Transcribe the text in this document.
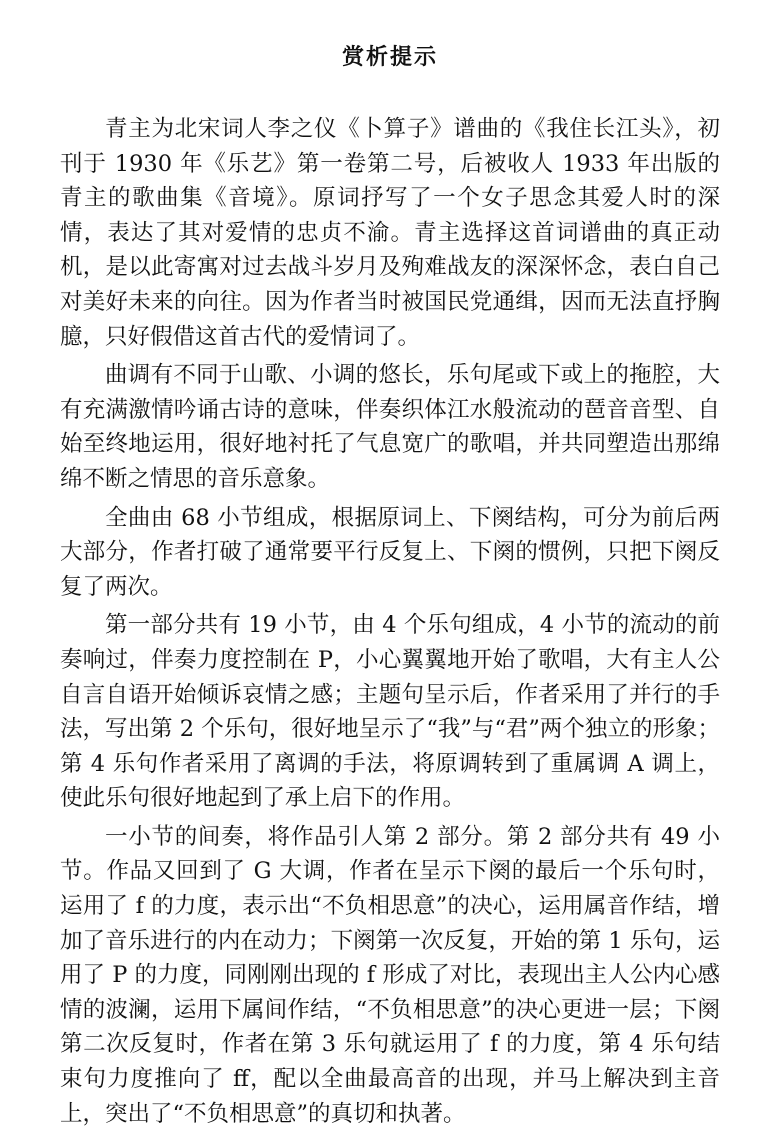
赏析提示

青主为北宋词人李之仪《卜算子》谱曲的《我住长江头》，初刊于 1930 年《乐艺》第一卷第二号，后被收人 1933 年出版的青主的歌曲集《音境》。原词抒写了一个女子思念其爱人时的深情，表达了其对爱情的忠贞不渝。青主选择这首词谱曲的真正动机，是以此寄寓对过去战斗岁月及殉难战友的深深怀念，表白自己对美好未来的向往。因为作者当时被国民党通缉，因而无法直抒胸臆，只好假借这首古代的爱情词了。

曲调有不同于山歌、小调的悠长，乐句尾或下或上的拖腔，大有充满激情吟诵古诗的意味，伴奏织体江水般流动的琶音音型、自始至终地运用，很好地衬托了气息宽广的歌唱，并共同塑造出那绵绵不断之情思的音乐意象。

全曲由 68 小节组成，根据原词上、下阕结构，可分为前后两大部分，作者打破了通常要平行反复上、下阕的惯例，只把下阕反复了两次。

第一部分共有 19 小节，由 4 个乐句组成，4 小节的流动的前奏响过，伴奏力度控制在 P，小心翼翼地开始了歌唱，大有主人公自言自语开始倾诉哀情之感；主题句呈示后，作者采用了并行的手法，写出第 2 个乐句，很好地呈示了“我”与“君”两个独立的形象；第 4 乐句作者采用了离调的手法，将原调转到了重属调 A 调上，使此乐句很好地起到了承上启下的作用。

一小节的间奏，将作品引人第 2 部分。第 2 部分共有 49 小节。作品又回到了 G 大调，作者在呈示下阕的最后一个乐句时，运用了 f 的力度，表示出“不负相思意”的决心，运用属音作结，增加了音乐进行的内在动力；下阕第一次反复，开始的第 1 乐句，运用了 P 的力度，同刚刚出现的 f 形成了对比，表现出主人公内心感情的波澜，运用下属间作结，“不负相思意”的决心更进一层；下阕第二次反复时，作者在第 3 乐句就运用了 f 的力度，第 4 乐句结束句力度推向了 ff，配以全曲最高音的出现，并马上解决到主音上，突出了“不负相思意”的真切和执著。
